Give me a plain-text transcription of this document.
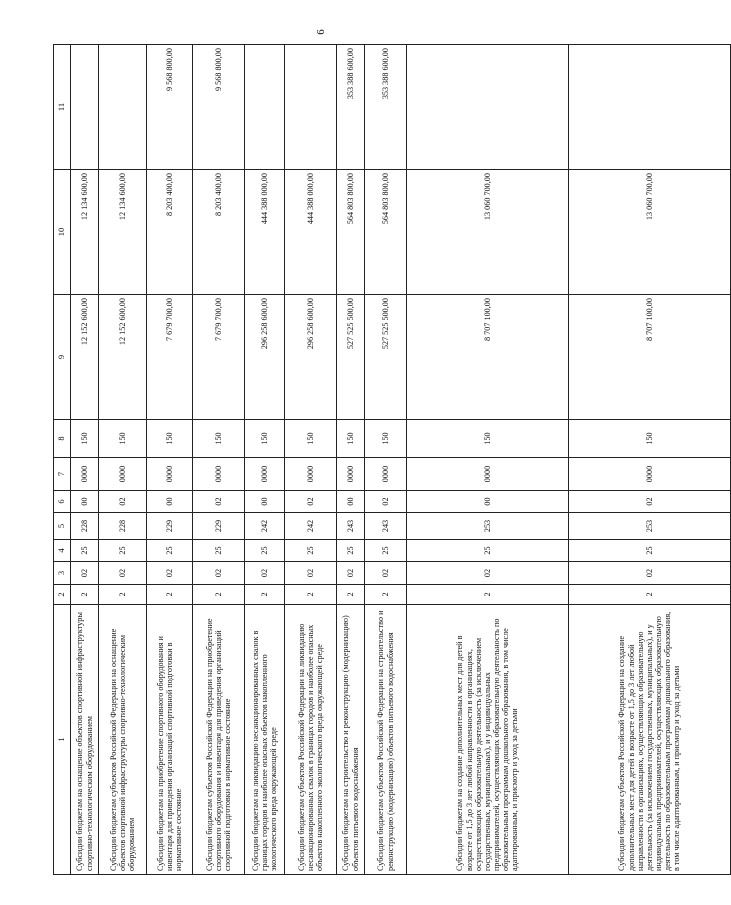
6
1	2	3	4	5	6	7	8	9	10	11
Субсидии бюджетам на оснащение объектов спортивной инфраструктуры спортивно-технологическим оборудованием	2	02	25	228	00	0000	150	12 152 600,00	12 134 600,00	
Субсидии бюджетам субъектов Российской Федерации на оснащение объектов спортивной инфраструктуры спортивно-технологическим оборудованием	2	02	25	228	02	0000	150	12 152 600,00	12 134 600,00	
Субсидии бюджетам на приобретение спортивного оборудования и инвентаря для приведения организаций спортивной подготовки в нормативное состояние	2	02	25	229	00	0000	150	7 679 700,00	8 203 400,00	9 568 800,00
Субсидии бюджетам субъектов Российской Федерации на приобретение спортивного оборудования и инвентаря для приведения организаций спортивной подготовки в нормативное состояние	2	02	25	229	02	0000	150	7 679 700,00	8 203 400,00	9 568 800,00
Субсидии бюджетам на ликвидацию несанкционированных свалок в границах городов и наиболее опасных объектов накопленного экологического вреда окружающей среде	2	02	25	242	00	0000	150	296 258 600,00	444 388 000,00	
Субсидии бюджетам субъектов Российской Федерации на ликвидацию несанкционированных свалок в границах городов и наиболее опасных объектов накопленного экологического вреда окружающей среде	2	02	25	242	02	0000	150	296 258 600,00	444 388 000,00	
Субсидии бюджетам на строительство и реконструкцию (модернизацию) объектов питьевого водоснабжения	2	02	25	243	00	0000	150	527 525 500,00	564 803 800,00	353 388 600,00
Субсидии бюджетам субъектов Российской Федерации на строительство и реконструкцию (модернизацию) объектов питьевого водоснабжения	2	02	25	243	02	0000	150	527 525 500,00	564 803 800,00	353 388 600,00
Субсидии бюджетам на создание дополнительных мест для детей в возрасте от 1,5 до 3 лет любой направленности в организациях, осуществляющих образовательную деятельность (за исключением государственных, муниципальных), и у индивидуальных предпринимателей, осуществляющих образовательную деятельность по образовательным программам дошкольного образования, в том числе адаптированным, и присмотр и уход за детьми	2	02	25	253	00	0000	150	8 707 100,00	13 060 700,00	
Субсидии бюджетам субъектов Российской Федерации на создание дополнительных мест для детей в возрасте от 1,5 до 3 лет любой направленности в организациях, осуществляющих образовательную деятельность (за исключением государственных, муниципальных), и у индивидуальных предпринимателей, осуществляющих образовательную деятельность по образовательным программам дошкольного образования, в том числе адаптированным, и присмотр и уход за детьми	2	02	25	253	02	0000	150	8 707 100,00	13 060 700,00	
